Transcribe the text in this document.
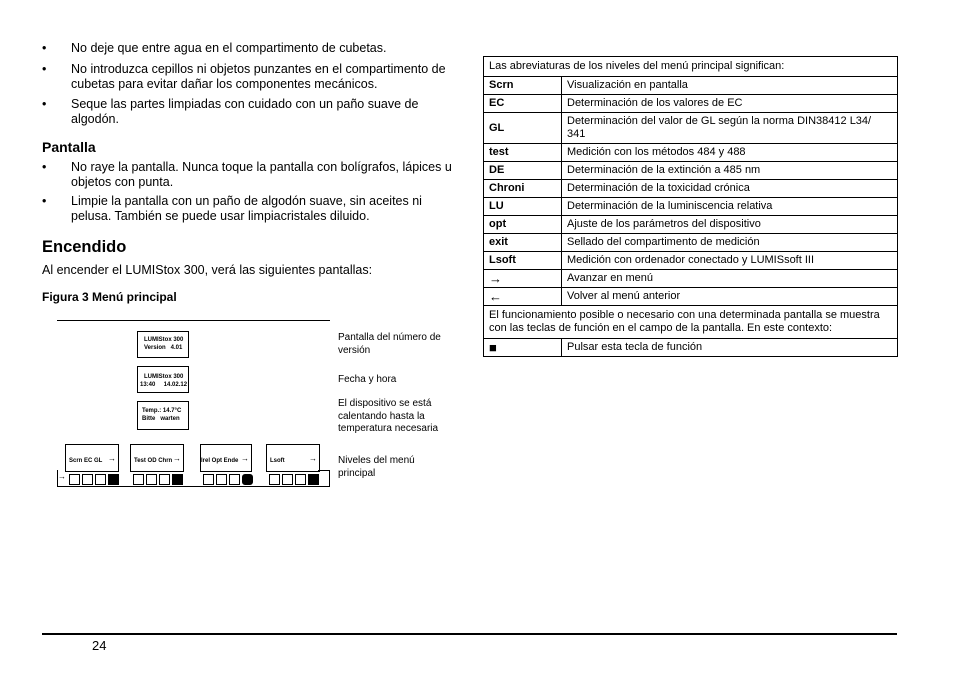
• No deje que entre agua en el compartimento de cubetas.
• No introduzca cepillos ni objetos punzantes en el compartimento de cubetas para evitar dañar los componentes mecánicos.
• Seque las partes limpiadas con cuidado con un paño suave de algodón.
Pantalla
• No raye la pantalla. Nunca toque la pantalla con bolígrafos, lápices u objetos con punta.
• Limpie la pantalla con un paño de algodón suave, sin aceites ni pelusa. También se puede usar limpiacristales diluido.
Encendido
Al encender el LUMIStox 300, verá las siguientes pantallas:
Figura 3 Menú principal
LUMIStox 300
Version   4.01
Pantalla del número de versión
LUMIStox 300
13:40     14.02.12	Fecha y hora
Temp.: 14.7°C
Bitte   warten
El dispositivo se está calentando hasta la temperatura necesaria
Scrn EC GL →	Test OD Chrn →	lrel Opt Ende →	Lsoft	→
→
Niveles del menú principal
Las abreviaturas de los niveles del menú principal significan:	
Scrn	Visualización en pantalla
EC	Determinación de los valores de EC
GL	Determinación del valor de GL según la norma DIN38412 L34/ 341
test	Medición con los métodos 484 y 488
DE	Determinación de la extinción a 485 nm
Chroni	Determinación de la toxicidad crónica
LU	Determinación de la luminiscencia relativa
opt	Ajuste de los parámetros del dispositivo
exit	Sellado del compartimento de medición
Lsoft	Medición con ordenador conectado y LUMISsoft III
→	Avanzar en menú
←	Volver al menú anterior
El funcionamiento posible o necesario con una determinada pantalla se muestra con las teclas de función en el campo de la pantalla. En este contexto:	
■	Pulsar esta tecla de función
24
